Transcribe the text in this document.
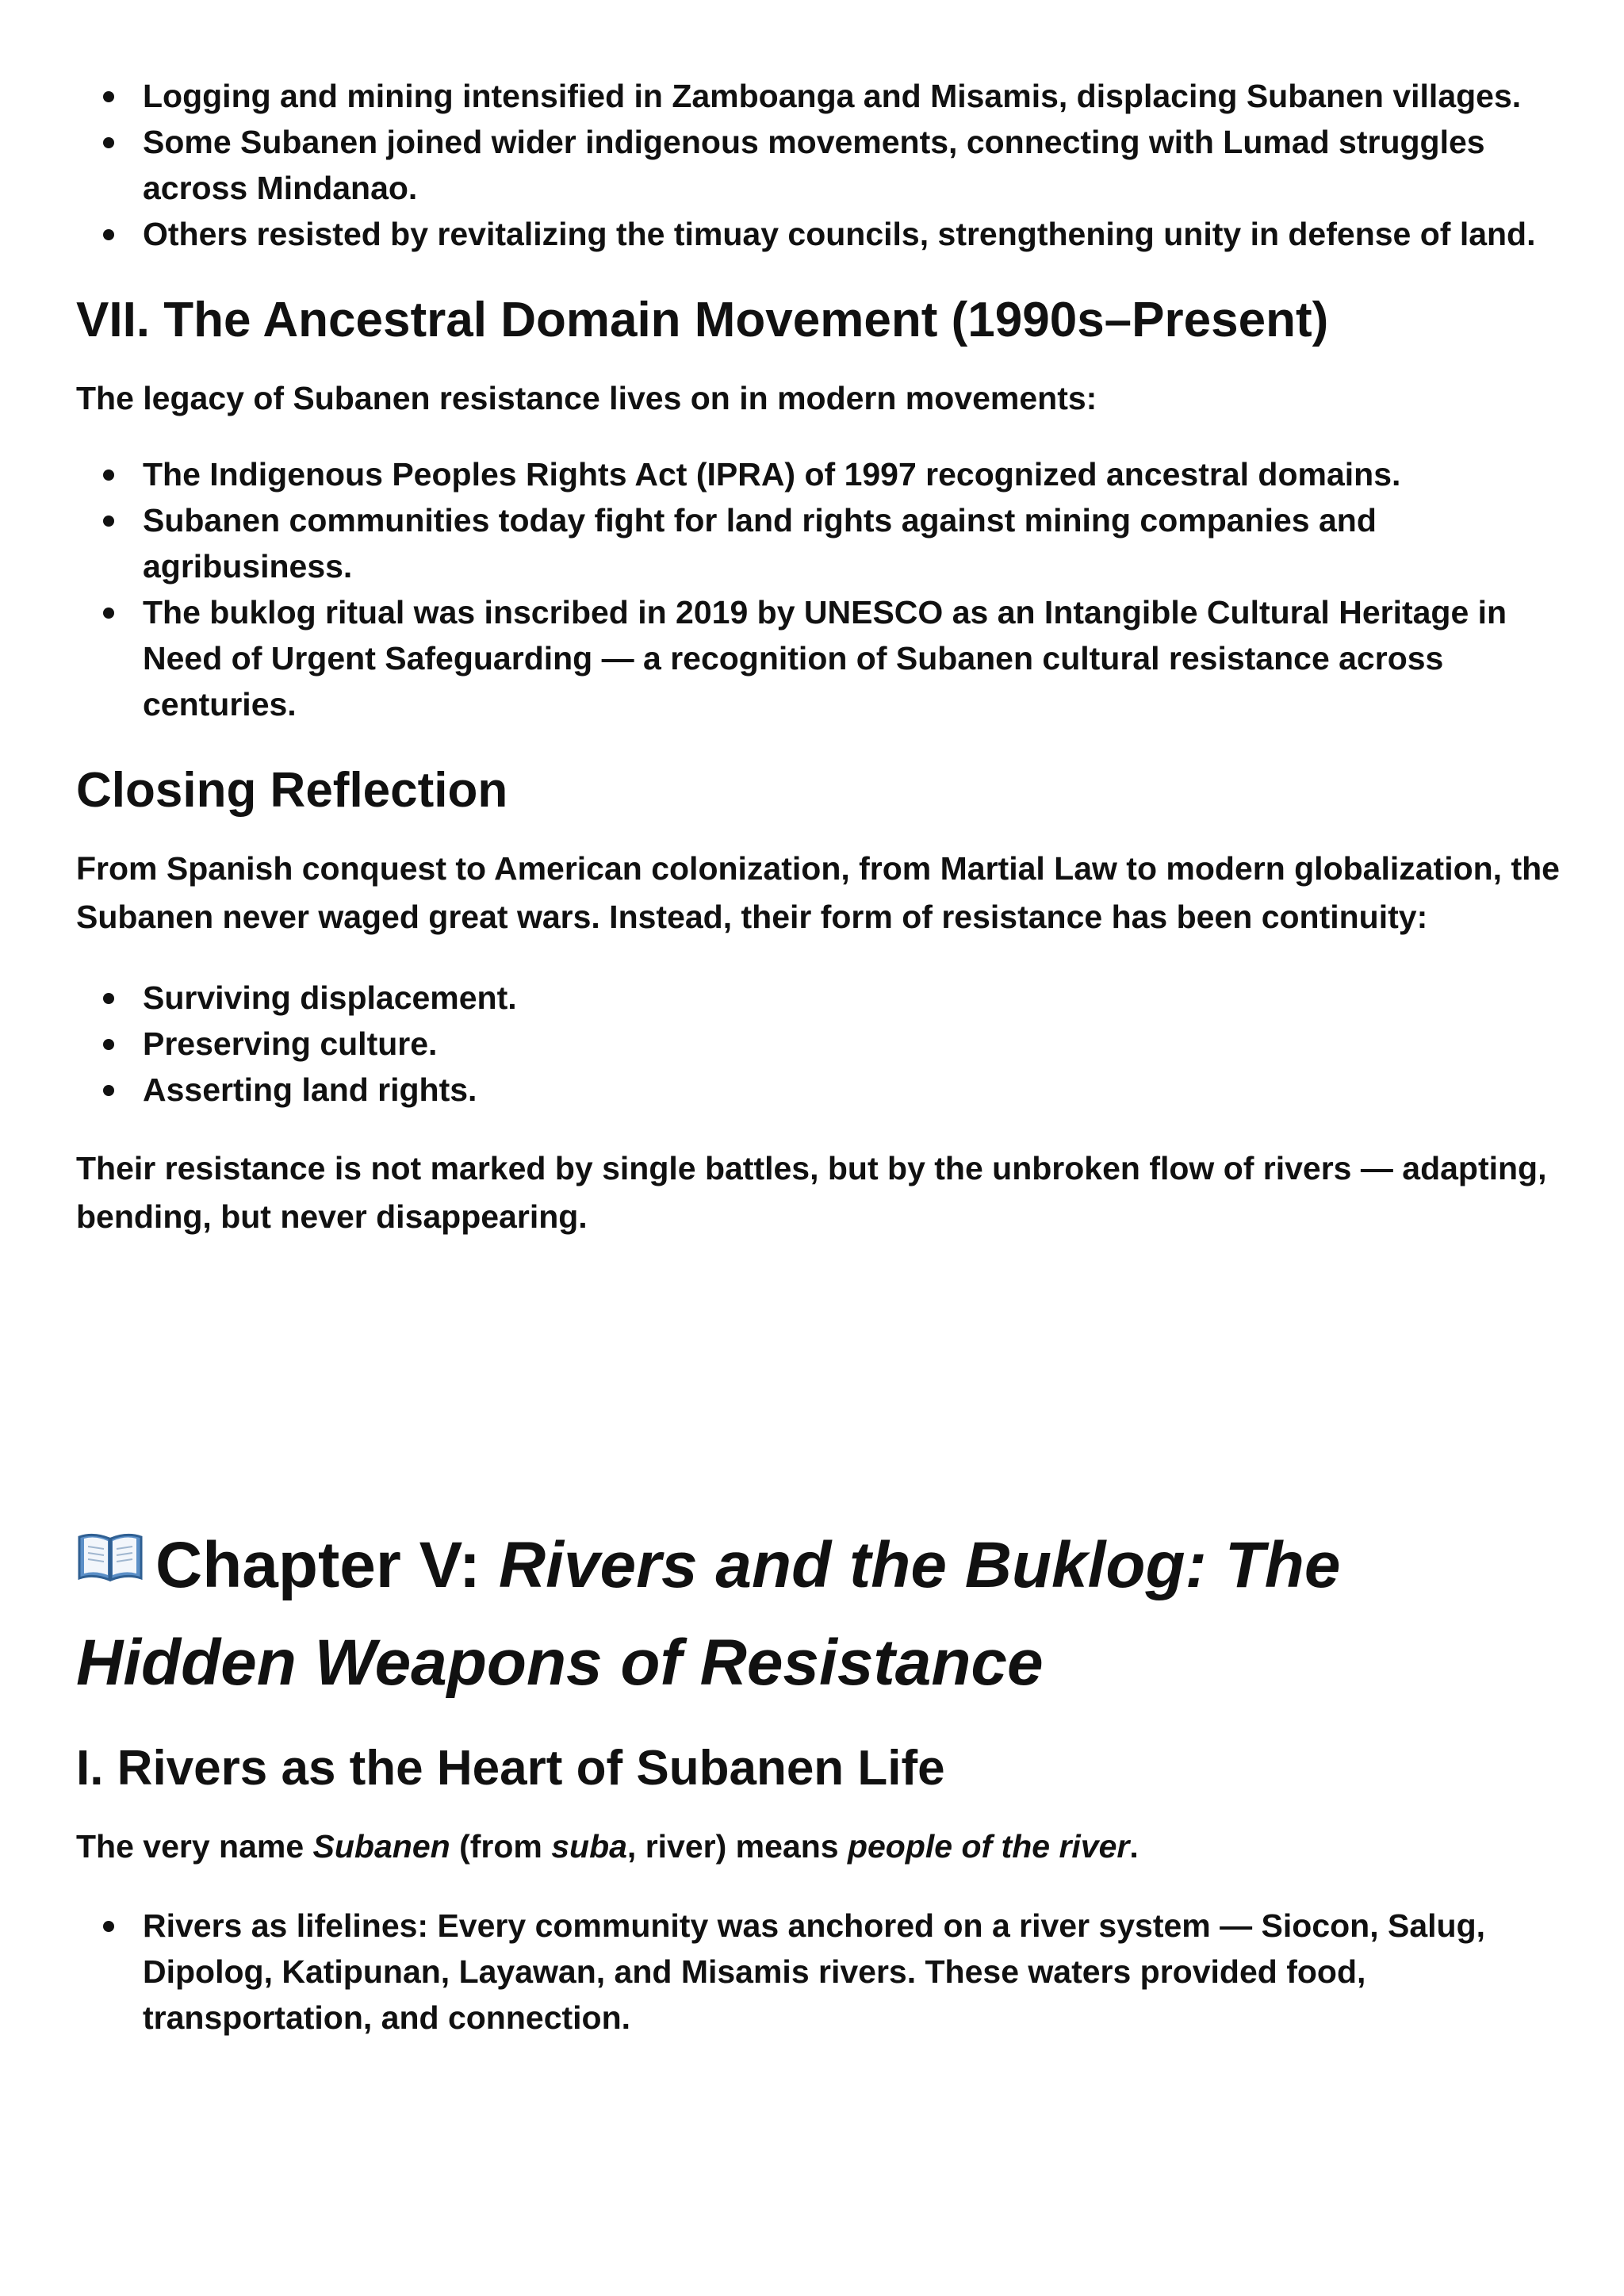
Logging and mining intensified in Zamboanga and Misamis, displacing Subanen villages.
Some Subanen joined wider indigenous movements, connecting with Lumad struggles across Mindanao.
Others resisted by revitalizing the timuay councils, strengthening unity in defense of land.
VII. The Ancestral Domain Movement (1990s–Present)

The legacy of Subanen resistance lives on in modern movements:

The Indigenous Peoples Rights Act (IPRA) of 1997 recognized ancestral domains.
Subanen communities today fight for land rights against mining companies and agribusiness.
The buklog ritual was inscribed in 2019 by UNESCO as an Intangible Cultural Heritage in Need of Urgent Safeguarding — a recognition of Subanen cultural resistance across centuries.
Closing Reflection

From Spanish conquest to American colonization, from Martial Law to modern globalization, the Subanen never waged great wars. Instead, their form of resistance has been continuity:

Surviving displacement.
Preserving culture.
Asserting land rights.

Their resistance is not marked by single battles, but by the unbroken flow of rivers — adapting, bending, but never disappearing.

Chapter V: Rivers and the Buklog: The Hidden Weapons of Resistance
I. Rivers as the Heart of Subanen Life

The very name Subanen (from suba, river) means people of the river.

Rivers as lifelines: Every community was anchored on a river system — Siocon, Salug, Dipolog, Katipunan, Layawan, and Misamis rivers. These waters provided food, transportation, and connection.
